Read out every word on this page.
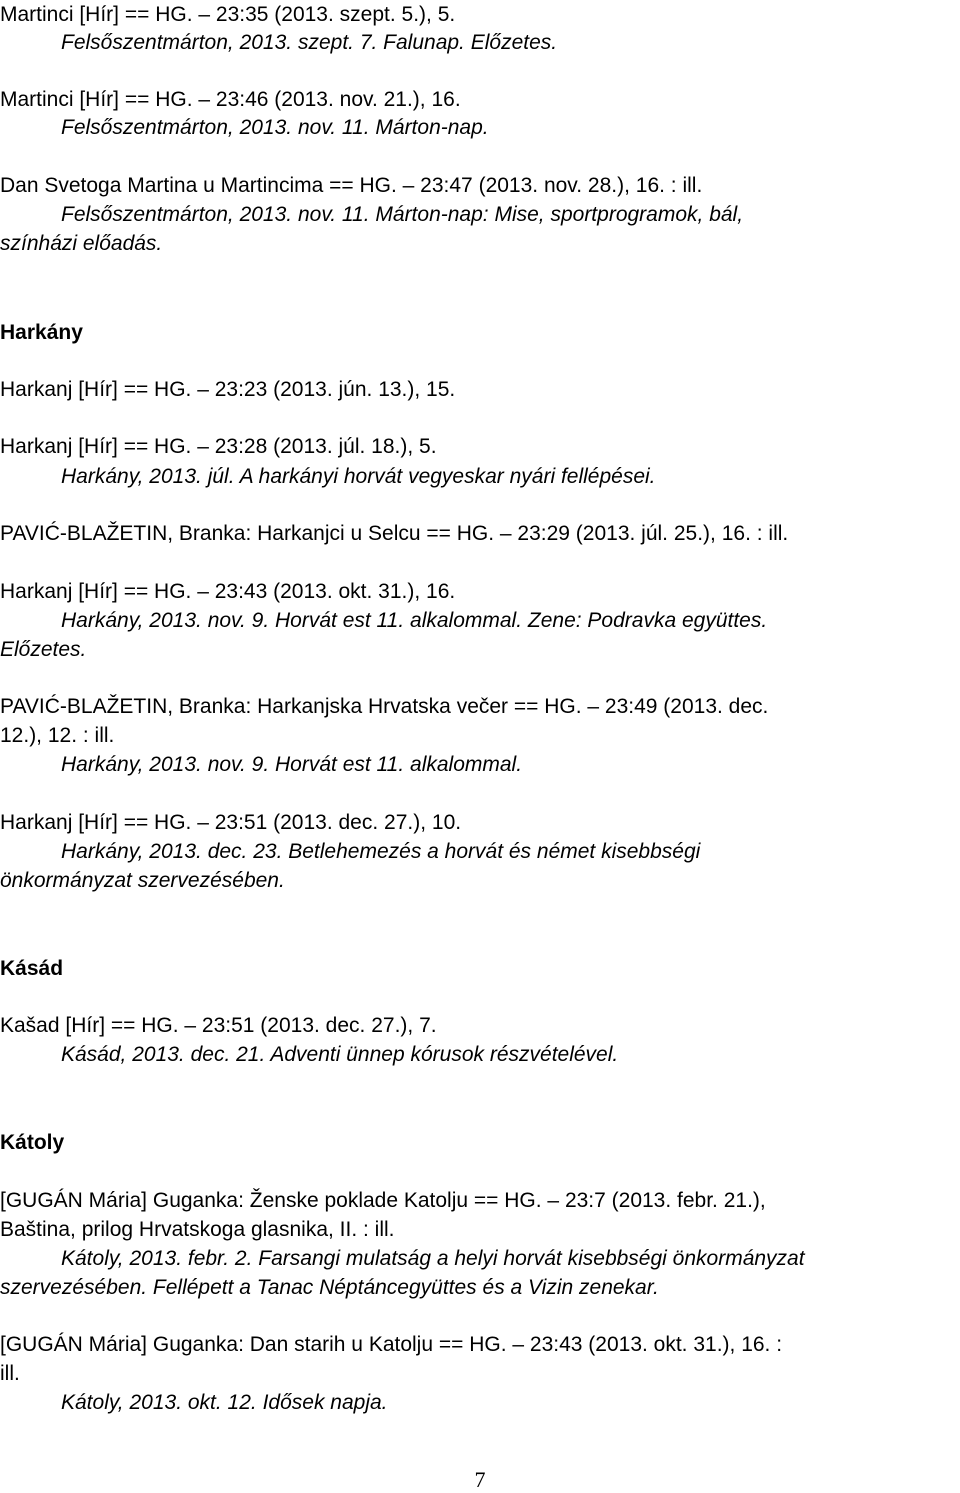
Martinci [Hír] == HG. – 23:35 (2013. szept. 5.), 5.
Felsőszentmárton, 2013. szept. 7. Falunap. Előzetes.
Martinci [Hír] == HG. – 23:46 (2013. nov. 21.), 16.
Felsőszentmárton, 2013. nov. 11. Márton-nap.
Dan Svetoga Martina u Martincima == HG. – 23:47 (2013. nov. 28.), 16. : ill.
Felsőszentmárton, 2013. nov. 11. Márton-nap: Mise, sportprogramok, bál,
színházi előadás.
Harkány
Harkanj [Hír] == HG. – 23:23 (2013. jún. 13.), 15.
Harkanj [Hír] == HG. – 23:28 (2013. júl. 18.), 5.
Harkány, 2013. júl. A harkányi horvát vegyeskar nyári fellépései.
PAVIĆ-BLAŽETIN, Branka: Harkanjci u Selcu == HG. – 23:29 (2013. júl. 25.), 16. : ill.
Harkanj [Hír] == HG. – 23:43 (2013. okt. 31.), 16.
Harkány, 2013. nov. 9. Horvát est 11. alkalommal. Zene: Podravka együttes.
Előzetes.
PAVIĆ-BLAŽETIN, Branka: Harkanjska Hrvatska večer == HG. – 23:49 (2013. dec.
12.), 12. : ill.
Harkány, 2013. nov. 9. Horvát est 11. alkalommal.
Harkanj [Hír] == HG. – 23:51 (2013. dec. 27.), 10.
Harkány, 2013. dec. 23. Betlehemezés a horvát és német kisebbségi
önkormányzat szervezésében.
Kásád
Kašad [Hír] == HG. – 23:51 (2013. dec. 27.), 7.
Kásád, 2013. dec. 21. Adventi ünnep kórusok részvételével.
Kátoly
[GUGÁN Mária] Guganka: Ženske poklade Katolju == HG. – 23:7 (2013. febr. 21.),
Baština, prilog Hrvatskoga glasnika, II. : ill.
Kátoly, 2013. febr. 2. Farsangi mulatság a helyi horvát kisebbségi önkormányzat
szervezésében. Fellépett a Tanac Néptáncegyüttes és a Vizin zenekar.
[GUGÁN Mária] Guganka: Dan starih u Katolju == HG. – 23:43 (2013. okt. 31.), 16. :
ill.
Kátoly, 2013. okt. 12. Idősek napja.
7
